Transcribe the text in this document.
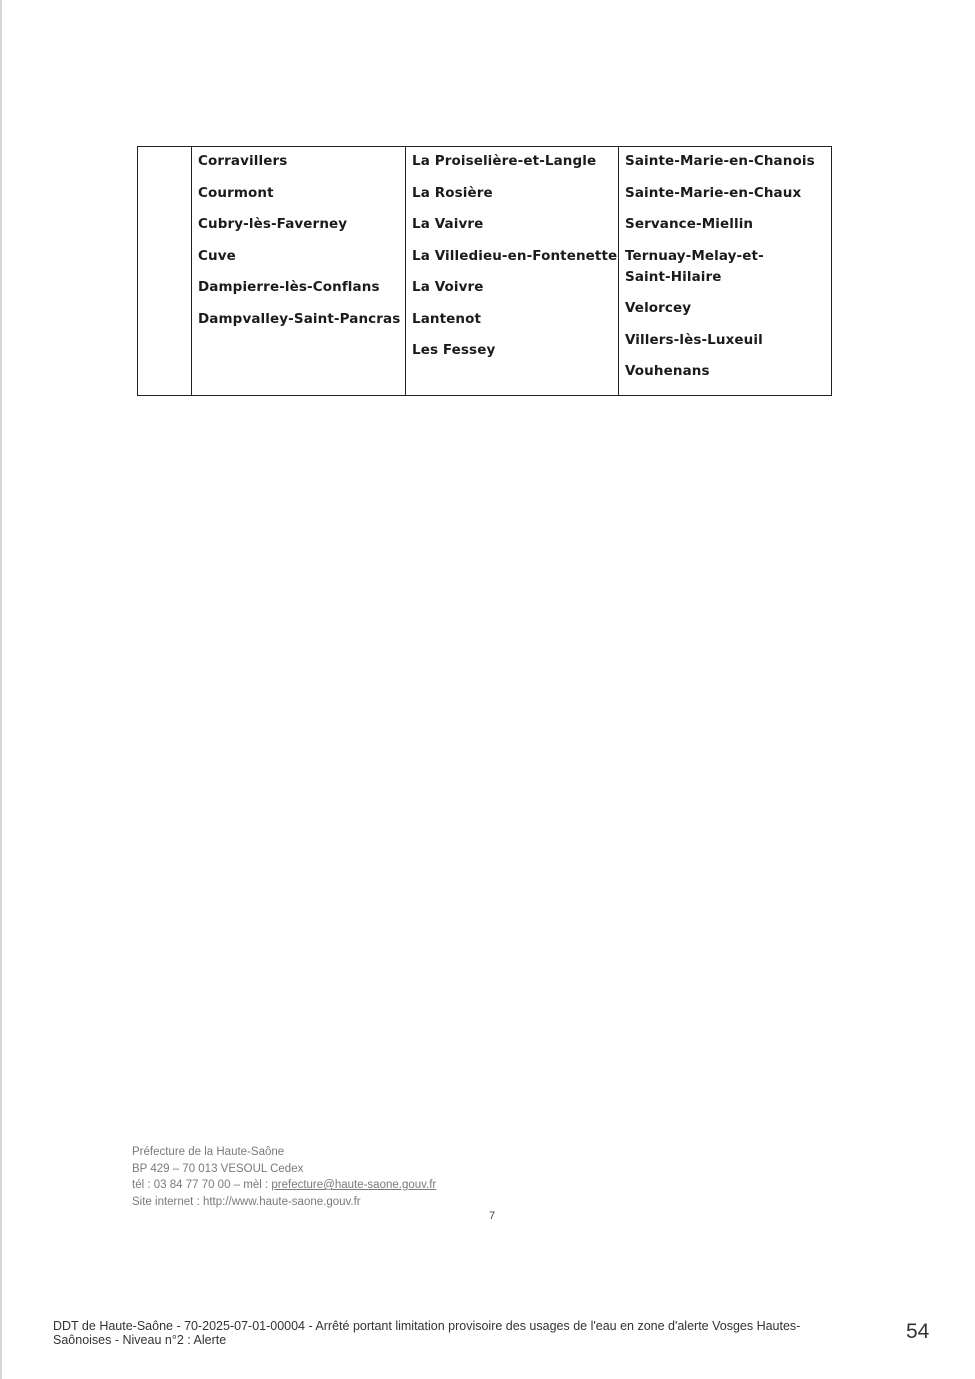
Corravillers
Courmont
Cubry-lès-Faverney
Cuve
Dampierre-lès-Conflans
Dampvalley-Saint-Pancras

La Proiselière-et-Langle
La Rosière
La Vaivre
La Villedieu-en-Fontenette
La Voivre
Lantenot
Les Fessey

Sainte-Marie-en-Chanois
Sainte-Marie-en-Chaux
Servance-Miellin
Ternuay-Melay-et-Saint-Hilaire
Velorcey
Villers-lès-Luxeuil
Vouhenans
Préfecture de la Haute-Saône
BP 429 – 70 013 VESOUL Cedex
tél : 03 84 77 70 00 – mèl : prefecture@haute-saone.gouv.fr
Site internet : http://www.haute-saone.gouv.fr
7
DDT de Haute-Saône - 70-2025-07-01-00004 - Arrêté portant limitation provisoire des usages de l'eau en zone d'alerte Vosges Hautes-Saônoises - Niveau n°2 : Alerte	54
